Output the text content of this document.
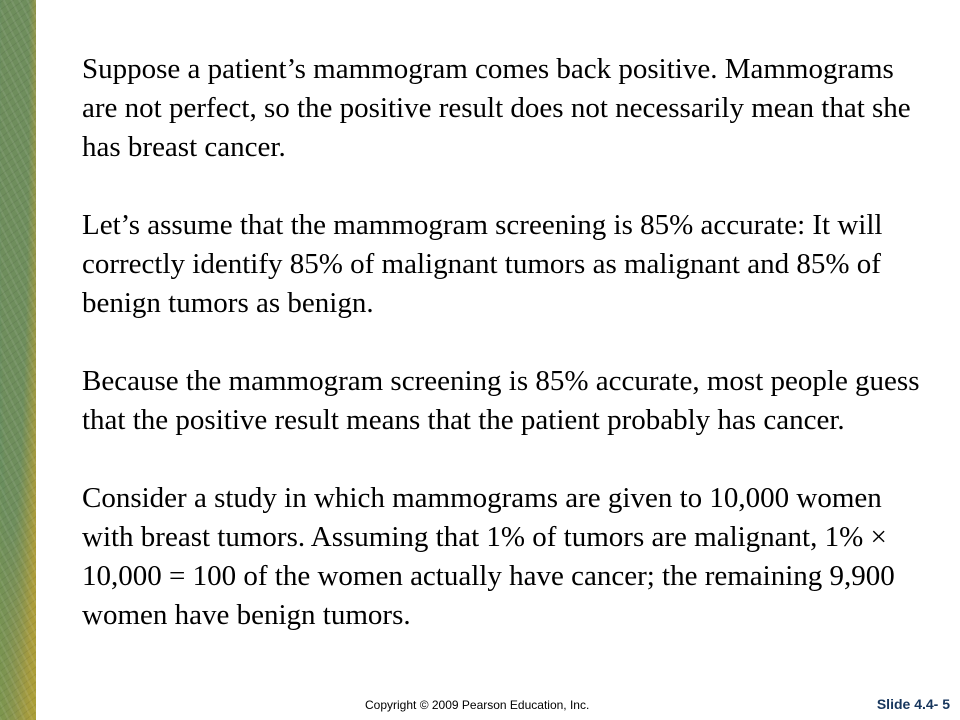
Suppose a patient’s mammogram comes back positive. Mammograms are not perfect, so the positive result does not necessarily mean that she has breast cancer.

Let’s assume that the mammogram screening is 85% accurate: It will correctly identify 85% of malignant tumors as malignant and 85% of benign tumors as benign.

Because the mammogram screening is 85% accurate, most people guess that the positive result means that the patient probably has cancer.

Consider a study in which mammograms are given to 10,000 women with breast tumors. Assuming that 1% of tumors are malignant, 1% × 10,000 = 100 of the women actually have cancer; the remaining 9,900 women have benign tumors.

Copyright © 2009 Pearson Education, Inc.	Slide 4.4- 5
